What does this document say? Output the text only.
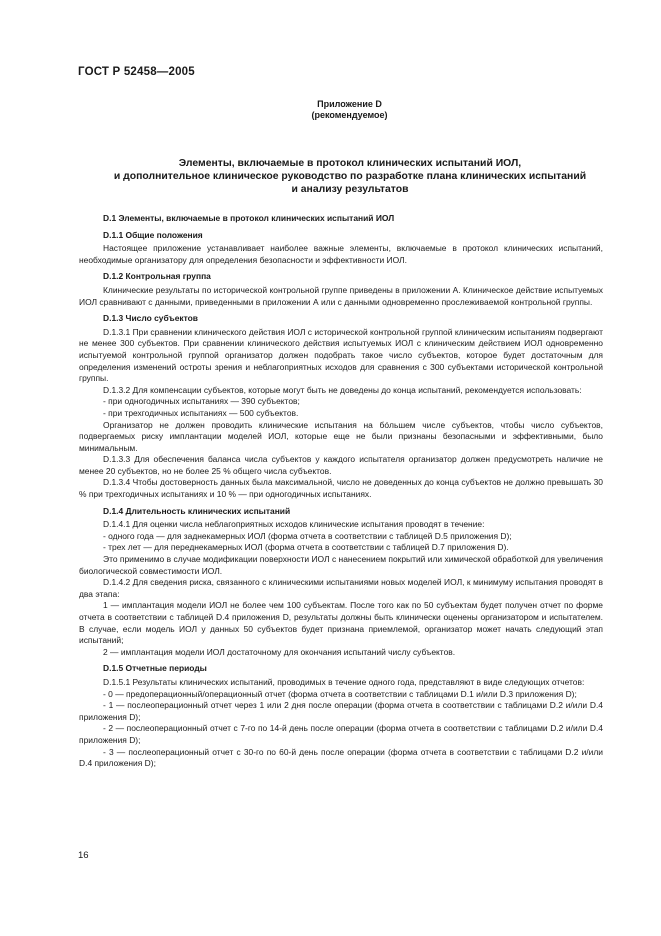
ГОСТ Р 52458—2005
Приложение D
(рекомендуемое)
Элементы, включаемые в протокол клинических испытаний ИОЛ,
и дополнительное клиническое руководство по разработке плана клинических испытаний
и анализу результатов

D.1 Элементы, включаемые в протокол клинических испытаний ИОЛ

D.1.1 Общие положения

Настоящее приложение устанавливает наиболее важные элементы, включаемые в протокол клинических испытаний, необходимые организатору для определения безопасности и эффективности ИОЛ.

D.1.2 Контрольная группа

Клинические результаты по исторической контрольной группе приведены в приложении А. Клиническое действие испытуемых ИОЛ сравнивают с данными, приведенными в приложении А или с данными одновременно прослеживаемой контрольной группы.

D.1.3 Число субъектов

D.1.3.1 При сравнении клинического действия ИОЛ с исторической контрольной группой клиническим испытаниям подвергают не менее 300 субъектов. При сравнении клинического действия испытуемых ИОЛ с клиническим действием ИОЛ одновременно испытуемой контрольной группой организатор должен подобрать такое число субъектов, которое будет достаточным для определения изменений остроты зрения и неблагоприятных исходов для сравнения с 300 субъектами исторической контрольной группы.

D.1.3.2 Для компенсации субъектов, которые могут быть не доведены до конца испытаний, рекомендуется использовать:

- при одногодичных испытаниях — 390 субъектов;

- при трехгодичных испытаниях — 500 субъектов.

Организатор не должен проводить клинические испытания на бóльшем числе субъектов, чтобы число субъектов, подвергаемых риску имплантации моделей ИОЛ, которые еще не были признаны безопасными и эффективными, было минимальным.

D.1.3.3 Для обеспечения баланса числа субъектов у каждого испытателя организатор должен предусмотреть наличие не менее 20 субъектов, но не более 25 % общего числа субъектов.

D.1.3.4 Чтобы достоверность данных была максимальной, число не доведенных до конца субъектов не должно превышать 30 % при трехгодичных испытаниях и 10 % — при одногодичных испытаниях.

D.1.4 Длительность клинических испытаний

D.1.4.1 Для оценки числа неблагоприятных исходов клинические испытания проводят в течение:

- одного года — для заднекамерных ИОЛ (форма отчета в соответствии с таблицей D.5 приложения D);

- трех лет — для переднекамерных ИОЛ (форма отчета в соответствии с таблицей D.7 приложения D).

Это применимо в случае модификации поверхности ИОЛ с нанесением покрытий или химической обработкой для увеличения биологической совместимости ИОЛ.

D.1.4.2 Для сведения риска, связанного с клиническими испытаниями новых моделей ИОЛ, к минимуму испытания проводят в два этапа:

1 — имплантация модели ИОЛ не более чем 100 субъектам. После того как по 50 субъектам будет получен отчет по форме отчета в соответствии с таблицей D.4 приложения D, результаты должны быть клинически оценены организатором и испытателем. В случае, если модель ИОЛ у данных 50 субъектов будет признана приемлемой, организатор может начать следующий этап испытаний;

2 — имплантация модели ИОЛ достаточному для окончания испытаний числу субъектов.

D.1.5 Отчетные периоды

D.1.5.1 Результаты клинических испытаний, проводимых в течение одного года, представляют в виде следующих отчетов:

- 0 — предоперационный/операционный отчет (форма отчета в соответствии с таблицами D.1 и/или D.3 приложения D);

- 1 — послеоперационный отчет через 1 или 2 дня после операции (форма отчета в соответствии с таблицами D.2 и/или D.4 приложения D);

- 2 — послеоперационный отчет с 7-го по 14-й день после операции (форма отчета в соответствии с таблицами D.2 и/или D.4 приложения D);

- 3 — послеоперационный отчет с 30-го по 60-й день после операции (форма отчета в соответствии с таблицами D.2 и/или D.4 приложения D);

16
